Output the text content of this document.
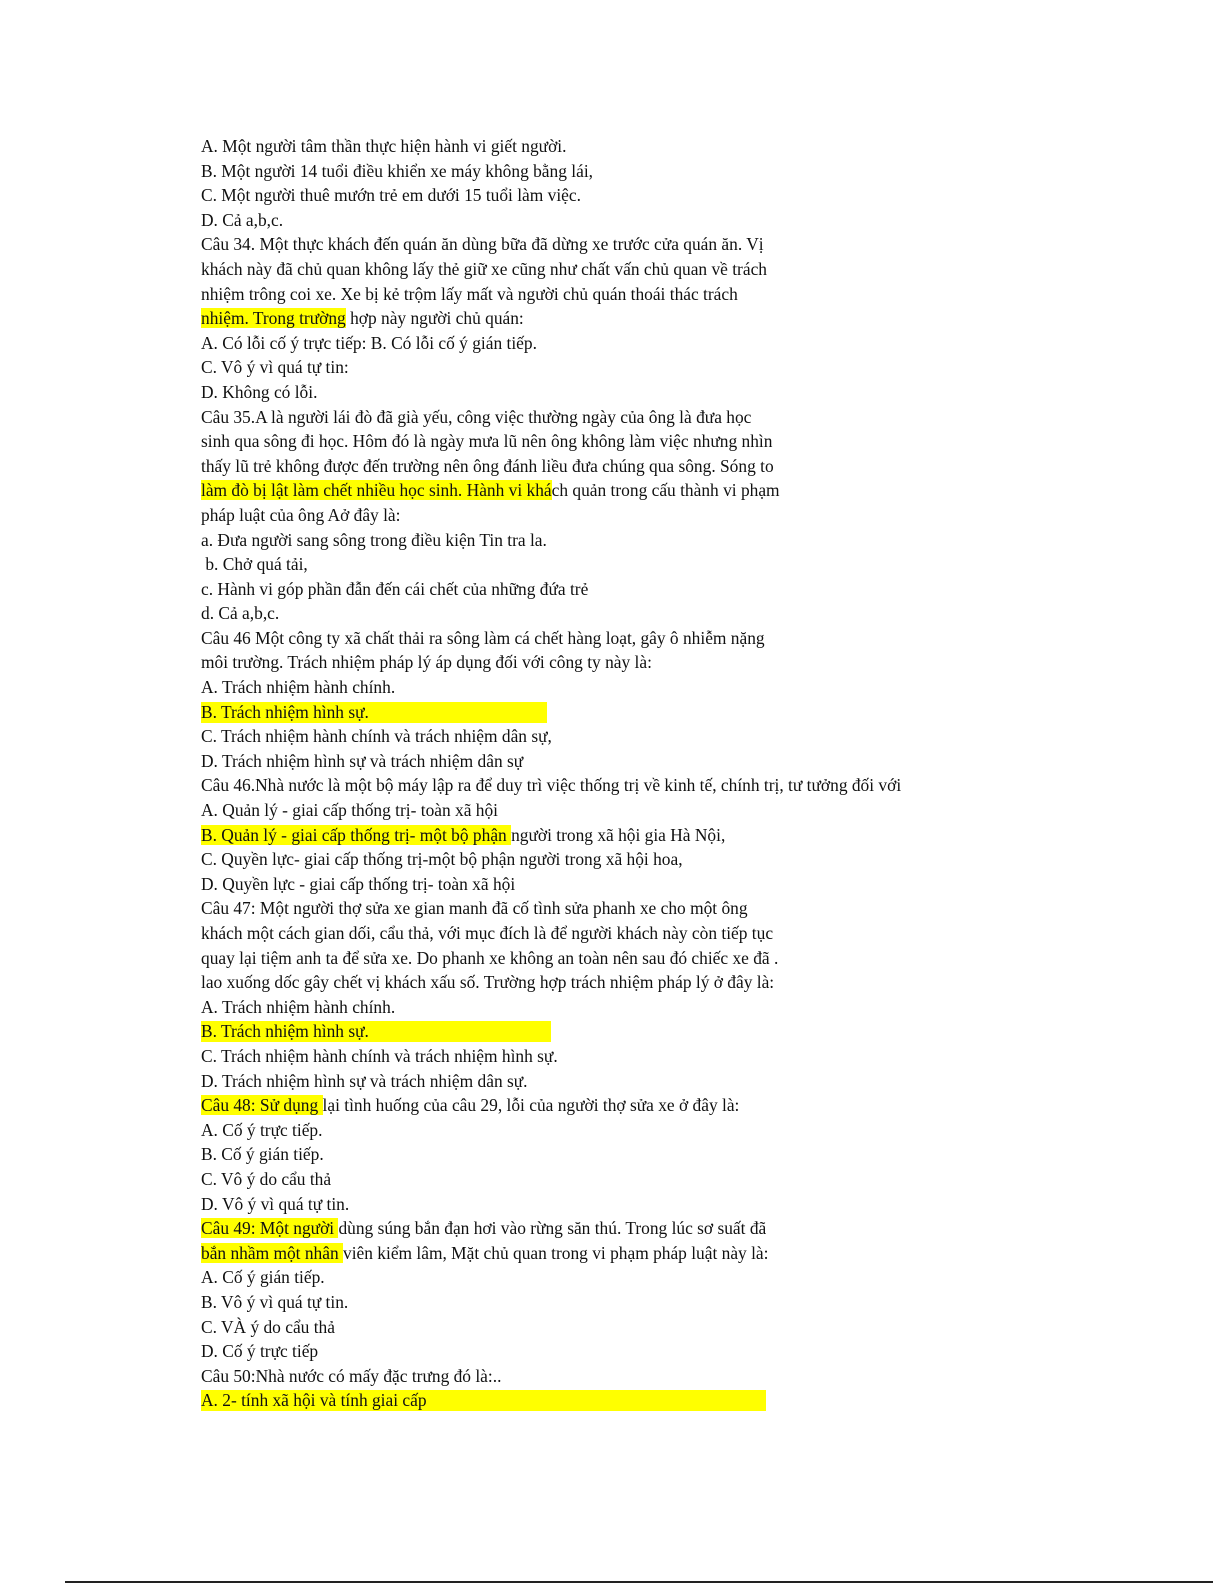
A. Một người tâm thần thực hiện hành vi giết người.
B. Một người 14 tuổi điều khiển xe máy không bằng lái,
C. Một người thuê mướn trẻ em dưới 15 tuổi làm việc.
D. Cả a,b,c.
Câu 34. Một thực khách đến quán ăn dùng bữa đã dừng xe trước cửa quán ăn. Vị
khách này đã chủ quan không lấy thẻ giữ xe cũng như chất vấn chủ quan về trách
nhiệm trông coi xe. Xe bị kẻ trộm lấy mất và người chủ quán thoái thác trách
nhiệm. Trong trường hợp này người chủ quán:
A. Có lỗi cố ý trực tiếp: B. Có lỗi cố ý gián tiếp.
C. Vô ý vì quá tự tin:
D. Không có lỗi.
Câu 35.A là người lái đò đã già yếu, công việc thường ngày của ông là đưa học
sinh qua sông đi học. Hôm đó là ngày mưa lũ nên ông không làm việc nhưng nhìn
thấy lũ trẻ không được đến trường nên ông đánh liều đưa chúng qua sông. Sóng to
làm đò bị lật làm chết nhiều học sinh. Hành vi khách quản trong cấu thành vi phạm
pháp luật của ông Aở đây là:
a. Đưa người sang sông trong điều kiện Tin tra la.
b. Chở quá tải,
c. Hành vi góp phần đẫn đến cái chết của những đứa trẻ
d. Cả a,b,c.
Câu 46 Một công ty xã chất thải ra sông làm cá chết hàng loạt, gây ô nhiễm nặng
môi trường. Trách nhiệm pháp lý áp dụng đối với công ty này là:
A. Trách nhiệm hành chính.
B. Trách nhiệm hình sự.
C. Trách nhiệm hành chính và trách nhiệm dân sự,
D. Trách nhiệm hình sự và trách nhiệm dân sự
Câu 46.Nhà nước là một bộ máy lập ra để duy trì việc thống trị về kinh tế, chính trị, tư tưởng đối với
A. Quản lý - giai cấp thống trị- toàn xã hội
B. Quản lý - giai cấp thống trị- một bộ phận người trong xã hội gia Hà Nội,
C. Quyền lực- giai cấp thống trị-một bộ phận người trong xã hội hoa,
D. Quyền lực - giai cấp thống trị- toàn xã hội
Câu 47: Một người thợ sửa xe gian manh đã cố tình sửa phanh xe cho một ông
khách một cách gian dối, cẩu thả, với mục đích là để người khách này còn tiếp tục
quay lại tiệm anh ta để sửa xe. Do phanh xe không an toàn nên sau đó chiếc xe đã .
lao xuống dốc gây chết vị khách xấu số. Trường hợp trách nhiệm pháp lý ở đây là:
A. Trách nhiệm hành chính.
B. Trách nhiệm hình sự.
C. Trách nhiệm hành chính và trách nhiệm hình sự.
D. Trách nhiệm hình sự và trách nhiệm dân sự.
Câu 48: Sử dụng lại tình huống của câu 29, lỗi của người thợ sửa xe ở đây là:
A. Cố ý trực tiếp.
B. Cố ý gián tiếp.
C. Vô ý do cẩu thả
D. Vô ý vì quá tự tin.
Câu 49: Một người dùng súng bắn đạn hơi vào rừng săn thú. Trong lúc sơ suất đã
bắn nhầm một nhân viên kiểm lâm, Mặt chủ quan trong vi phạm pháp luật này là:
A. Cố ý gián tiếp.
B. Vô ý vì quá tự tin.
C. VÀ ý do cẩu thả
D. Cố ý trực tiếp
Câu 50:Nhà nước có mấy đặc trưng đó là:..
A. 2- tính xã hội và tính giai cấp
